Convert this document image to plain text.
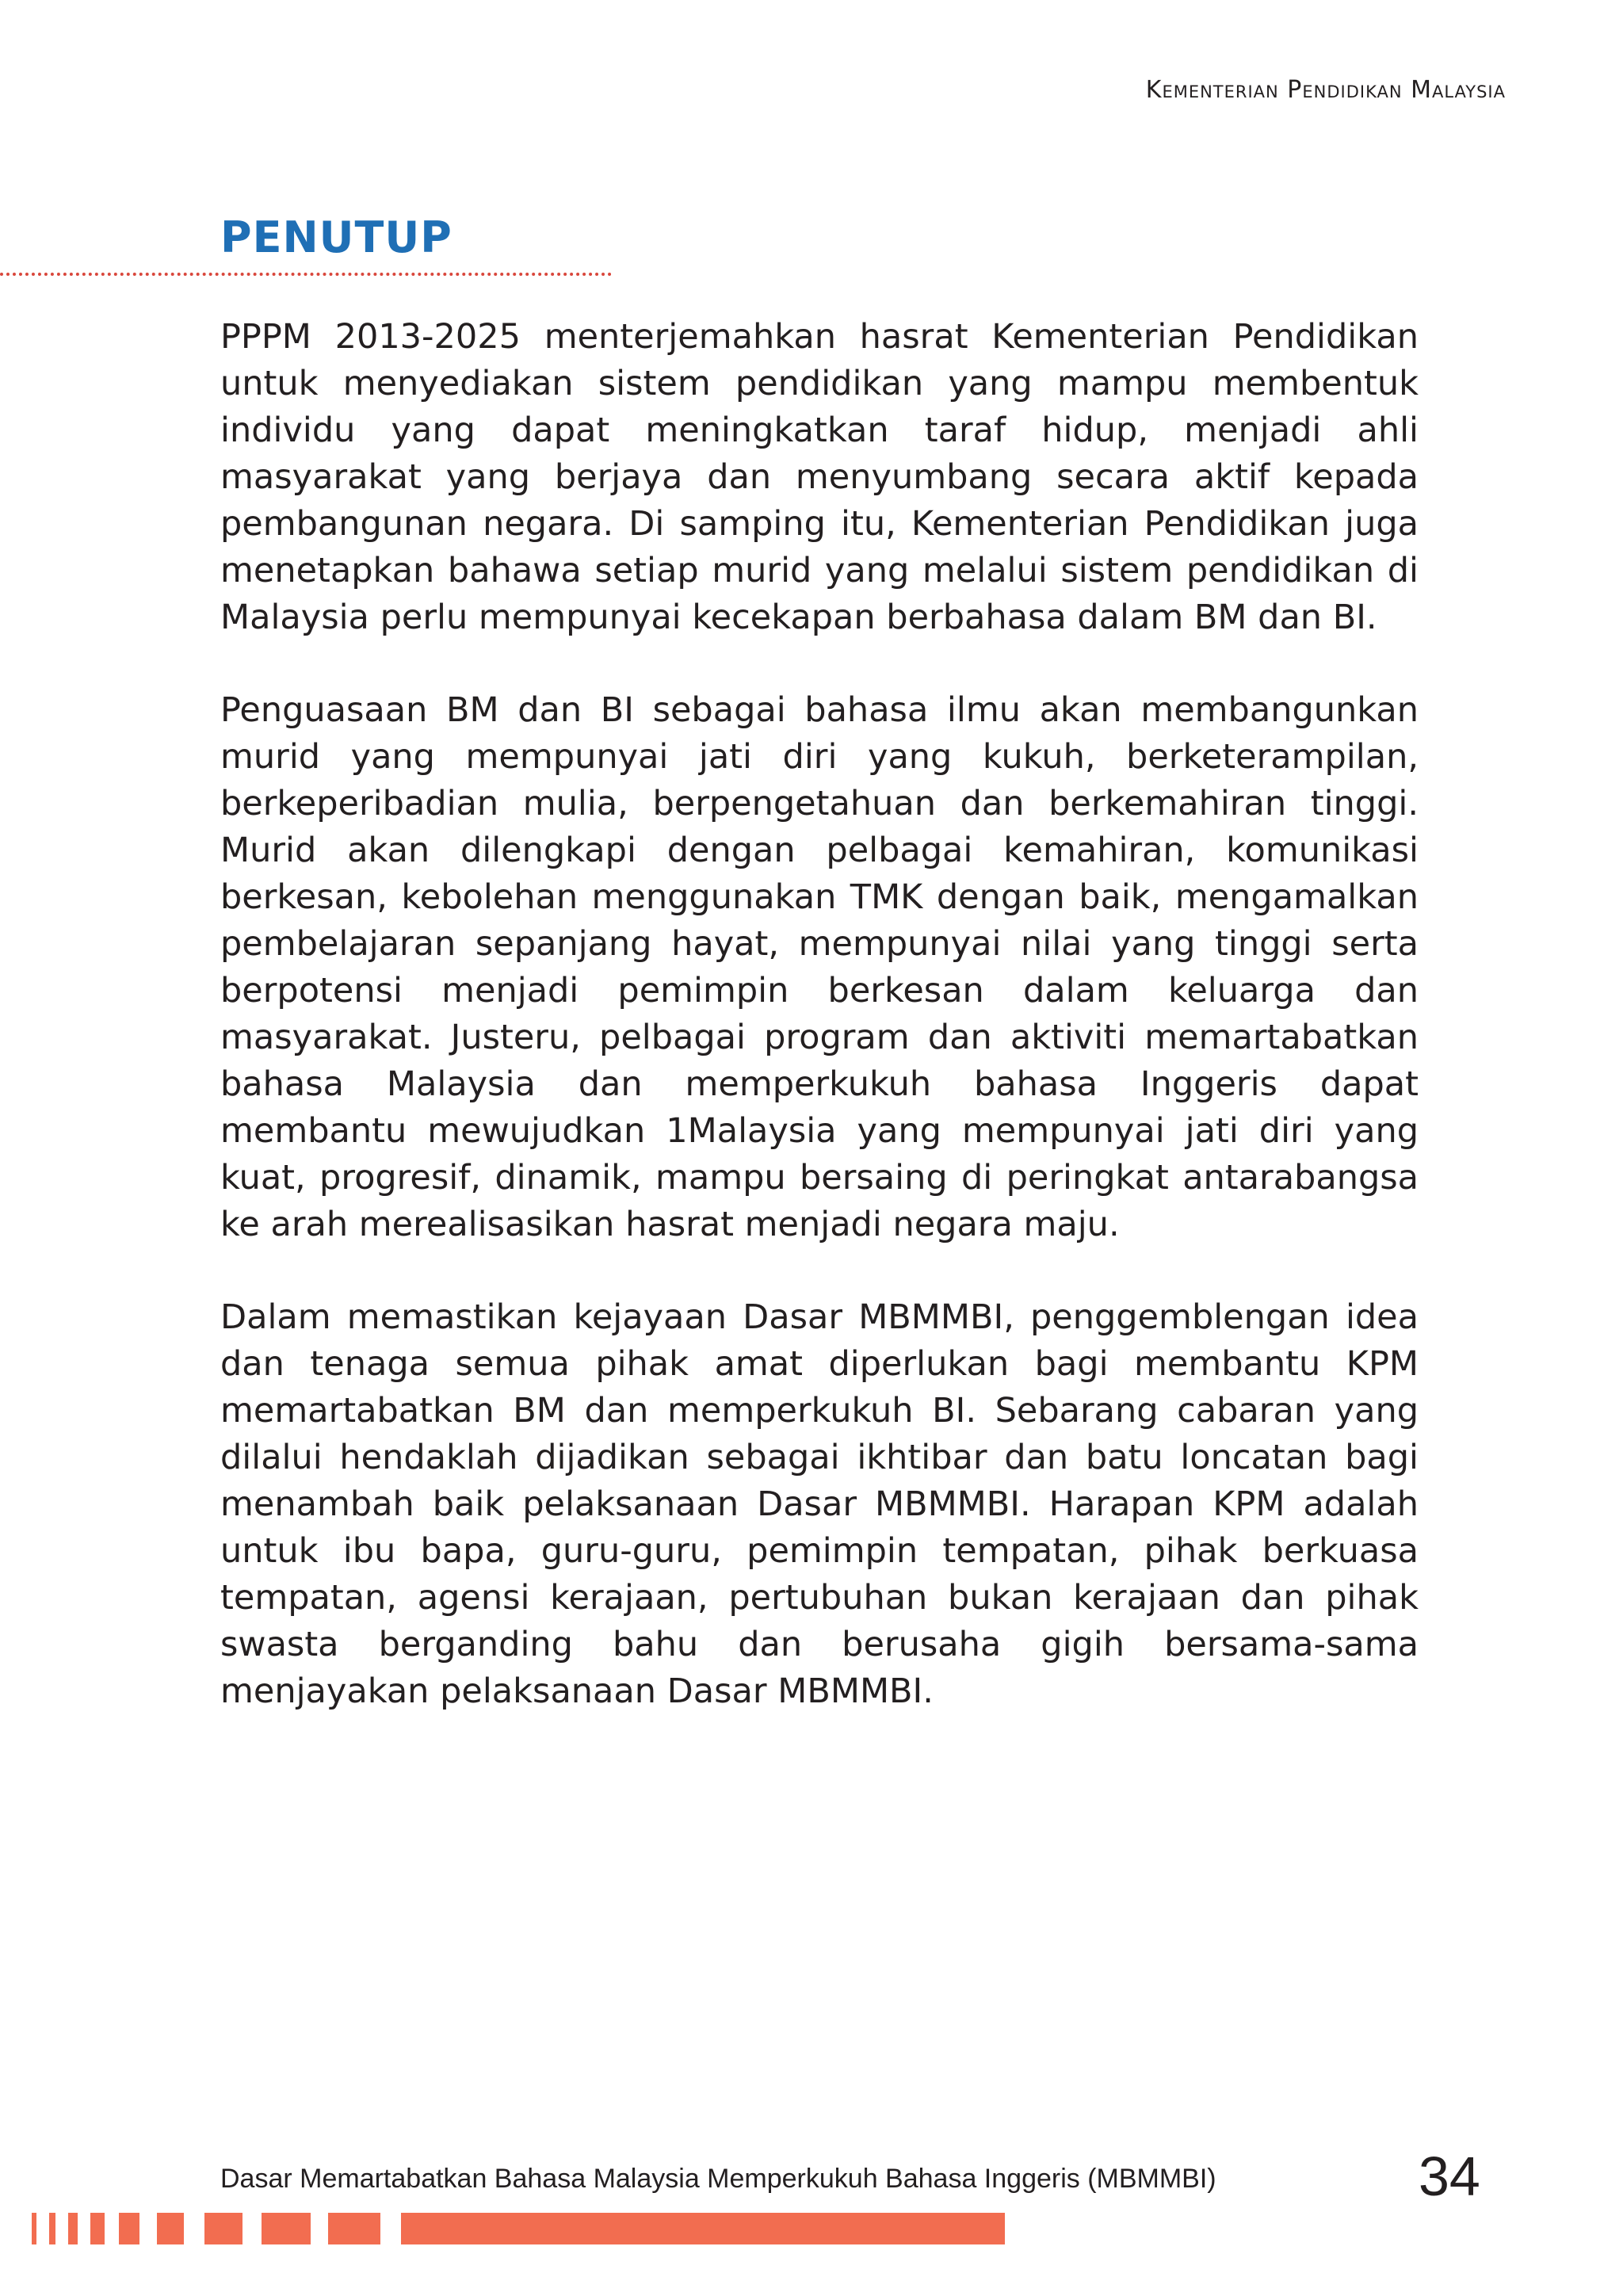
Kementerian Pendidikan Malaysia
PENUTUP

PPPM 2013-2025 menterjemahkan hasrat Kementerian Pendidikan untuk menyediakan sistem pendidikan yang mampu membentuk individu yang dapat meningkatkan taraf hidup, menjadi ahli masyarakat yang berjaya dan menyumbang secara aktif kepada pembangunan negara. Di samping itu, Kementerian Pendidikan juga menetapkan bahawa setiap murid yang melalui sistem pendidikan di Malaysia perlu mempunyai kecekapan berbahasa dalam BM dan BI.

Penguasaan BM dan BI sebagai bahasa ilmu akan membangunkan murid yang mempunyai jati diri yang kukuh, berketerampilan, berkeperibadian mulia, berpengetahuan dan berkemahiran tinggi. Murid akan dilengkapi dengan pelbagai kemahiran, komunikasi berkesan, kebolehan menggunakan TMK dengan baik, mengamalkan pembelajaran sepanjang hayat, mempunyai nilai yang tinggi serta berpotensi menjadi pemimpin berkesan dalam keluarga dan masyarakat. Justeru, pelbagai program dan aktiviti memartabatkan bahasa Malaysia dan memperkukuh bahasa Inggeris dapat membantu mewujudkan 1Malaysia yang mempunyai jati diri yang kuat, progresif, dinamik, mampu bersaing di peringkat antarabangsa ke arah merealisasikan hasrat menjadi negara maju.

Dalam memastikan kejayaan Dasar MBMMBI, penggemblengan idea dan tenaga semua pihak amat diperlukan bagi membantu KPM memartabatkan BM dan memperkukuh BI. Sebarang cabaran yang dilalui hendaklah dijadikan sebagai ikhtibar dan batu loncatan bagi menambah baik pelaksanaan Dasar MBMMBI. Harapan KPM adalah untuk ibu bapa, guru-guru, pemimpin tempatan, pihak berkuasa tempatan, agensi kerajaan, pertubuhan bukan kerajaan dan pihak swasta berganding bahu dan berusaha gigih bersama-sama menjayakan pelaksanaan Dasar MBMMBI.

Dasar Memartabatkan Bahasa Malaysia Memperkukuh Bahasa Inggeris (MBMMBI)	34
